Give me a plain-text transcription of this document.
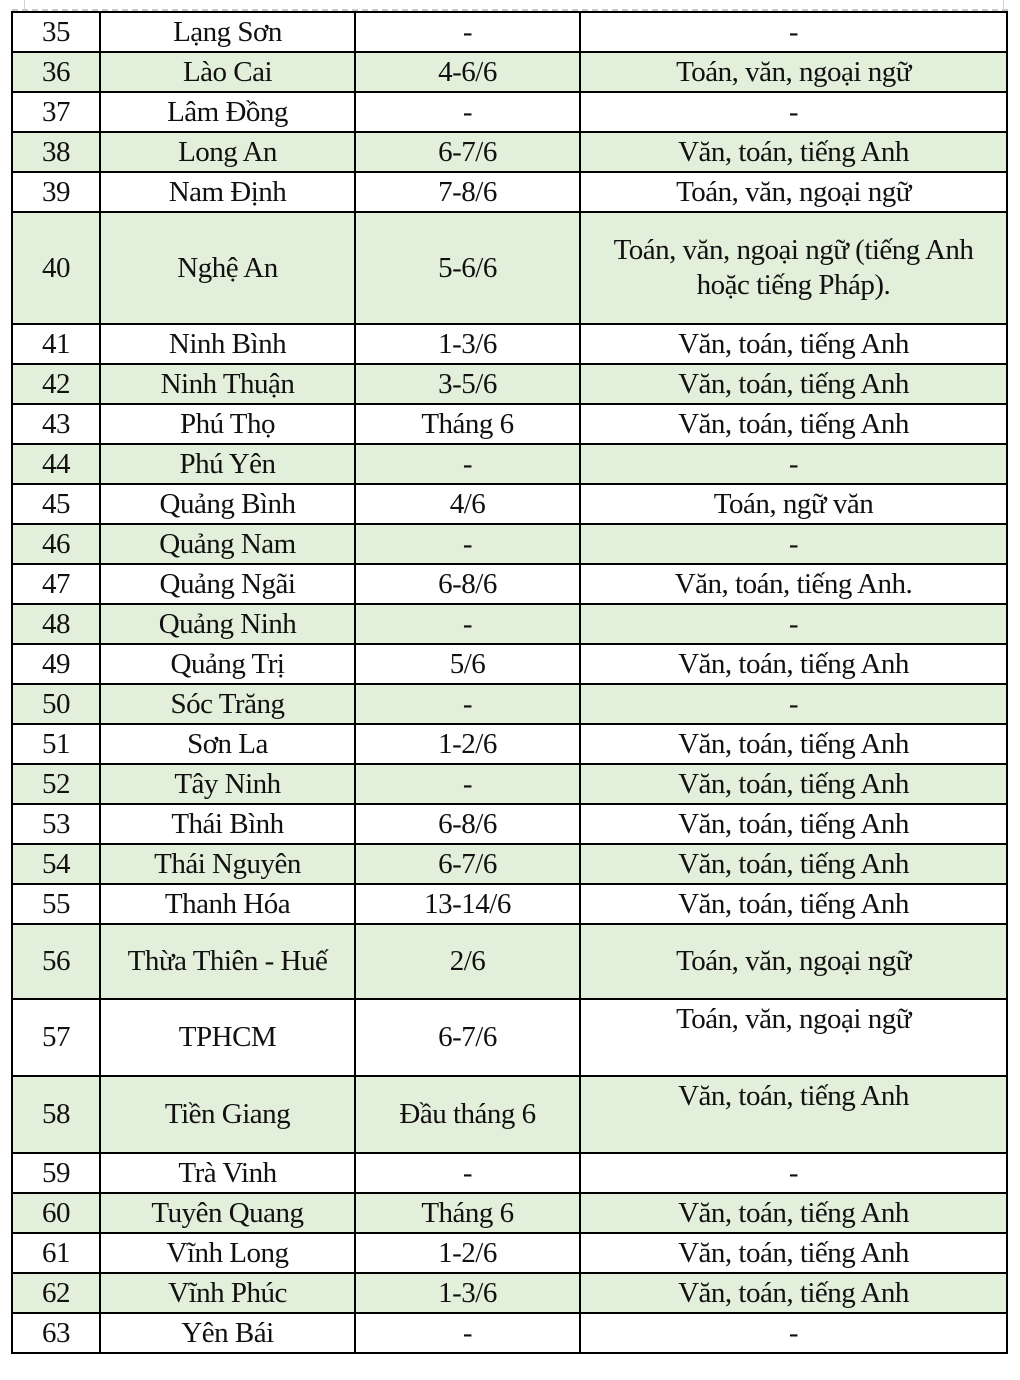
35	Lạng Sơn	-	-
36	Lào Cai	4-6/6	Toán, văn, ngoại ngữ
37	Lâm Đồng	-	-
38	Long An	6-7/6	Văn, toán, tiếng Anh
39	Nam Định	7-8/6	Toán, văn, ngoại ngữ
40	Nghệ An	5-6/6	Toán, văn, ngoại ngữ (tiếng Anh hoặc tiếng Pháp).
41	Ninh Bình	1-3/6	Văn, toán, tiếng Anh
42	Ninh Thuận	3-5/6	Văn, toán, tiếng Anh
43	Phú Thọ	Tháng 6	Văn, toán, tiếng Anh
44	Phú Yên	-	-
45	Quảng Bình	4/6	Toán, ngữ văn
46	Quảng Nam	-	-
47	Quảng Ngãi	6-8/6	Văn, toán, tiếng Anh.
48	Quảng Ninh	-	-
49	Quảng Trị	5/6	Văn, toán, tiếng Anh
50	Sóc Trăng	-	-
51	Sơn La	1-2/6	Văn, toán, tiếng Anh
52	Tây Ninh	-	Văn, toán, tiếng Anh
53	Thái Bình	6-8/6	Văn, toán, tiếng Anh
54	Thái Nguyên	6-7/6	Văn, toán, tiếng Anh
55	Thanh Hóa	13-14/6	Văn, toán, tiếng Anh
56	Thừa Thiên - Huế	2/6	Toán, văn, ngoại ngữ
57	TPHCM	6-7/6	Toán, văn, ngoại ngữ
58	Tiền Giang	Đầu tháng 6	Văn, toán, tiếng Anh
59	Trà Vinh	-	-
60	Tuyên Quang	Tháng 6	Văn, toán, tiếng Anh
61	Vĩnh Long	1-2/6	Văn, toán, tiếng Anh
62	Vĩnh Phúc	1-3/6	Văn, toán, tiếng Anh
63	Yên Bái	-	-
